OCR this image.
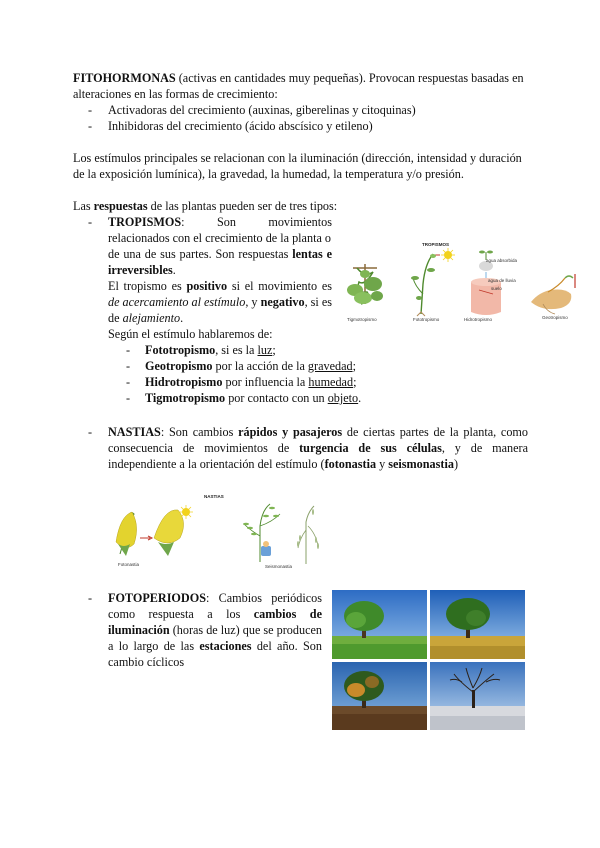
FITOHORMONAS (activas en cantidades muy pequeñas). Provocan respuestas basadas en

alteraciones en las formas de crecimiento:

- Activadoras del crecimiento (auxinas, giberelinas y citoquinas)

- Inhibidoras del crecimiento (ácido abscísico y etileno)

Los estímulos principales se relacionan con la iluminación (dirección, intensidad y duración

de la exposición lumínica), la gravedad, la humedad, la temperatura y/o presión.

Las respuestas de las plantas pueden ser de tres tipos:

- TROPISMOS: Son movimientos

relacionados con el crecimiento de la planta o

de una de sus partes. Son respuestas lentas e

irreversibles.

El tropismo es positivo si el movimiento es

de acercamiento al estímulo, y negativo, si es

de alejamiento.

Según el estímulo hablaremos de:

- Fototropismo, si es la luz;
- Geotropismo por la acción de la gravedad;
- Hidrotropismo por influencia la humedad;
- Tigmotropismo por contacto con un objeto.
TROPISMOS
agua absorbida
agua de lluvia
suelo
Tigmotropismo	Fototropismo	Hidrotropismo	Geotropismo
- NASTIAS: Son cambios rápidos y pasajeros de ciertas partes de la planta, como

consecuencia de movimientos de turgencia de sus células, y de manera

independiente a la orientación del estímulo (fotonastia y seismonastia)

NASTIAS
Fotonastia	Seismonastia
- FOTOPERIODOS: Cambios periódicos

como respuesta a los cambios de

iluminación (horas de luz) que se producen

a lo largo de las estaciones del año. Son

cambio cíclicos
